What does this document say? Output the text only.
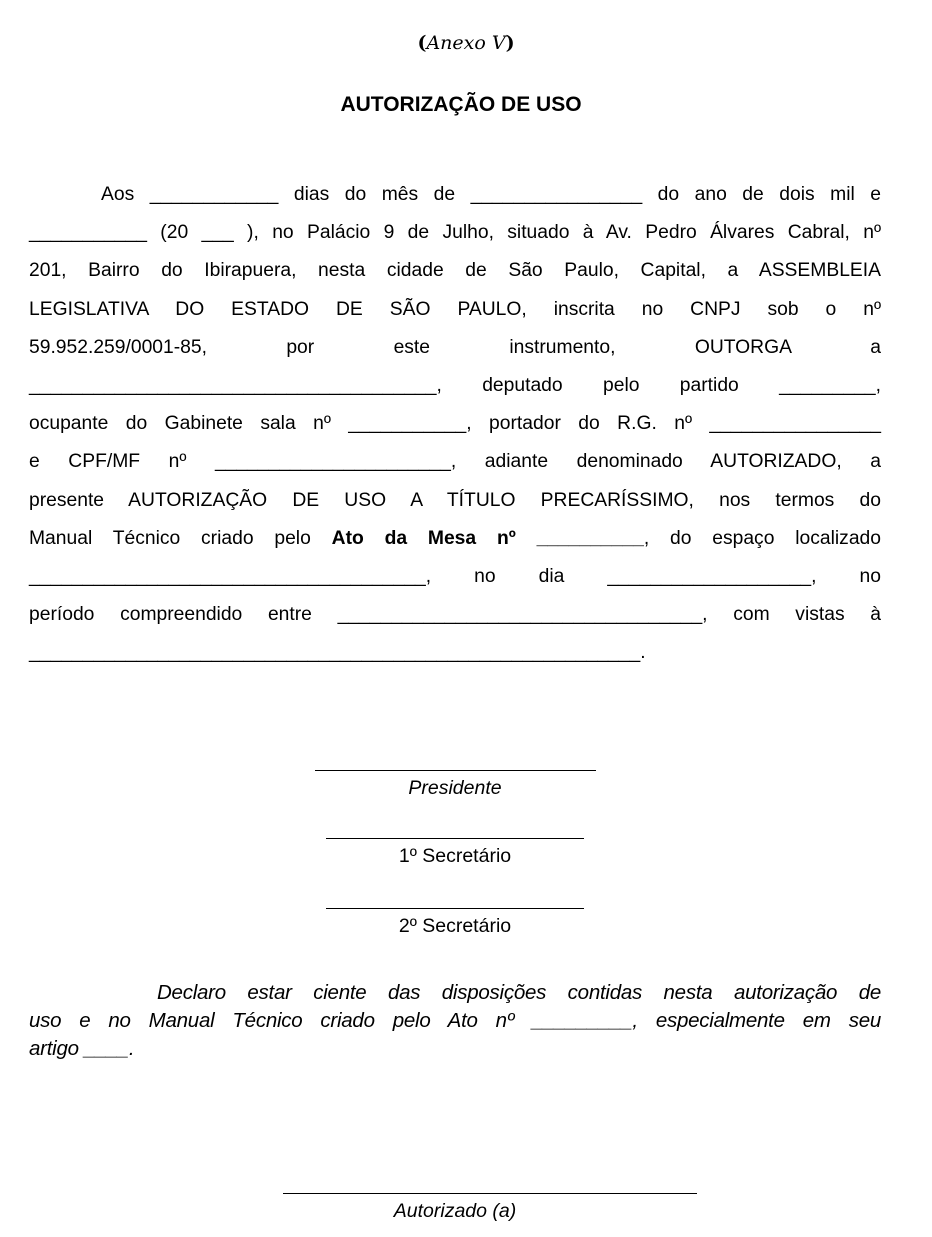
(Anexo V)
AUTORIZAÇÃO DE USO
Aos ____________ dias do mês de ________________ do ano de dois mil e
___________ (20 ___ ), no Palácio 9 de Julho, situado à Av. Pedro Álvares Cabral, nº
201, Bairro do Ibirapuera, nesta cidade de São Paulo, Capital, a ASSEMBLEIA
LEGISLATIVA DO ESTADO DE SÃO PAULO, inscrita no CNPJ sob o nº
59.952.259/0001-85, por este instrumento, OUTORGA a
______________________________________, deputado pelo partido _________,
ocupante do Gabinete sala nº ___________, portador do R.G. nº ________________
e CPF/MF nº ______________________, adiante denominado AUTORIZADO, a
presente AUTORIZAÇÃO DE USO A TÍTULO PRECARÍSSIMO, nos termos do
Manual Técnico criado pelo Ato da Mesa nº __________, do espaço localizado
_____________________________________, no dia ___________________, no
período compreendido entre __________________________________, com vistas à
_________________________________________________________.
Presidente
1º Secretário
2º Secretário
Declaro estar ciente das disposições contidas nesta autorização de
uso e no Manual Técnico criado pelo Ato nº _________, especialmente em seu
artigo ____.
Autorizado (a)
